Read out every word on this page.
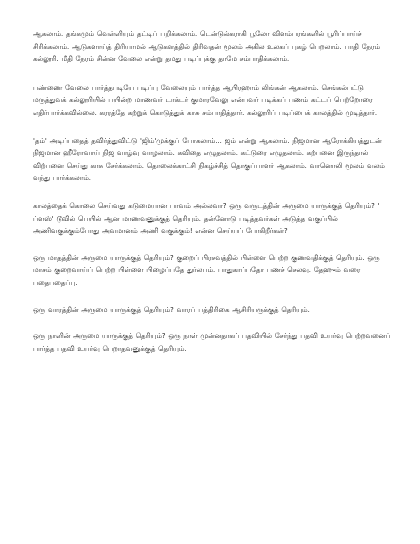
ஆகலாம். தங்கமும் வெள்ளியும் தட்டிப் பறிக்கலாம். டென்டுல்கராகி பூலோ விளம்பரங்களில் பூரிப்பாய்ச் சிரிக்கலாம். ஆடுகளாய்த் திரியாமல் ஆடுகளத்தில் திரிவதன் மூலம் அகில உலகப் புகழ் பெறலாம். பாதி நேரம் கல்லூரி. மீதி நேரம் சின்ன வேலை என்று தமது படிப்புக்கு தாமே சம்பாதிக்கலாம்.

பண்ணை வேலை பார்த்தபடியே படிப்பு வேலையும் பார்த்த ஆபிரஹாம் லிங்கன் ஆகலாம். செங்கல்பட்டு மருத்துவக் கல்லூரியில் பயின்ற மாணவர் டாக்டர் குமாரவேலு என்பவர் படிக்கப் பணம் கட்டப் பெற்றோரை எதிர்பார்க்கவில்லை. கரரத்தே கற்றுக் கொடுத்துக் காசு சம்பாதித்தார். கல்லூரிப் படிப்பைக் காலத்தில் முடித்தார்.

'தம்' அடிப்பதைத் தவிர்த்துவிட்டு 'ஜிம்'முக்குப் போகலாம்... ஜம் என்று ஆகலாம். நிஜமான ஆரோக்கியத்துடன் நிஜமான ஹீரோவாய் நிஜ வாழ்வு வாழலாம். கவிதை எழுதலாம். கட்டுரை எழுதலாம். கற்பனை இருந்தால் விற்பனை செய்து காசு சேர்க்கலாம். தொலைக்காட்சி நிகழ்ச்சித் தொகுப்பாளர் ஆகலாம். வானொலி மூலம் வலம் வந்து பார்க்கலாம்.

காலத்தைக் கொலை செய்வது கடுமையான பாவம் அல்லவா? ஒரு வருடத்தின் அருமை யாருக்குத் தெரியும்? ' ப்ளஸ்' டூவில் பெயில் ஆன மாணவனுக்குத் தெரியும். தன்னோடு படித்தவர்கள் அடுத்த வகுப்பில் அணிவகுக்கும்போது அவமானம் அணி வகுக்கும்! என்ன செய்யப் போகிறீர்கள்?

ஒரு மாதத்தின் அருமை யாருக்குத் தெரியும்? குறைப் பிரசவத்தில் பிள்ளை பெற்ற குணவதிக்குத் தெரியும். ஒரு மாசம் குறைவாய்ப் பெற்ற பிள்ளை பிழைப்பதே துர்லபம். பாதுகாப்பதோ பணச் செலவு. தேஹும் வரை பதைபதைப்பு.

ஒரு வாரத்தின் அருமை யாருக்குத் தெரியும்? வாரப் பத்திரிகை ஆசிரியருக்குத் தெரியும்.

ஒரு நாளின் அருமை யாருக்குத் தெரியும்? ஒரு நாள் முன்னதாகப் பதவியில் சேர்ந்து பதவி உயர்வு பெற்றவனைப் பார்த்த பதவி உயர்வு பெறாதவனுக்குத் தெரியும்.
